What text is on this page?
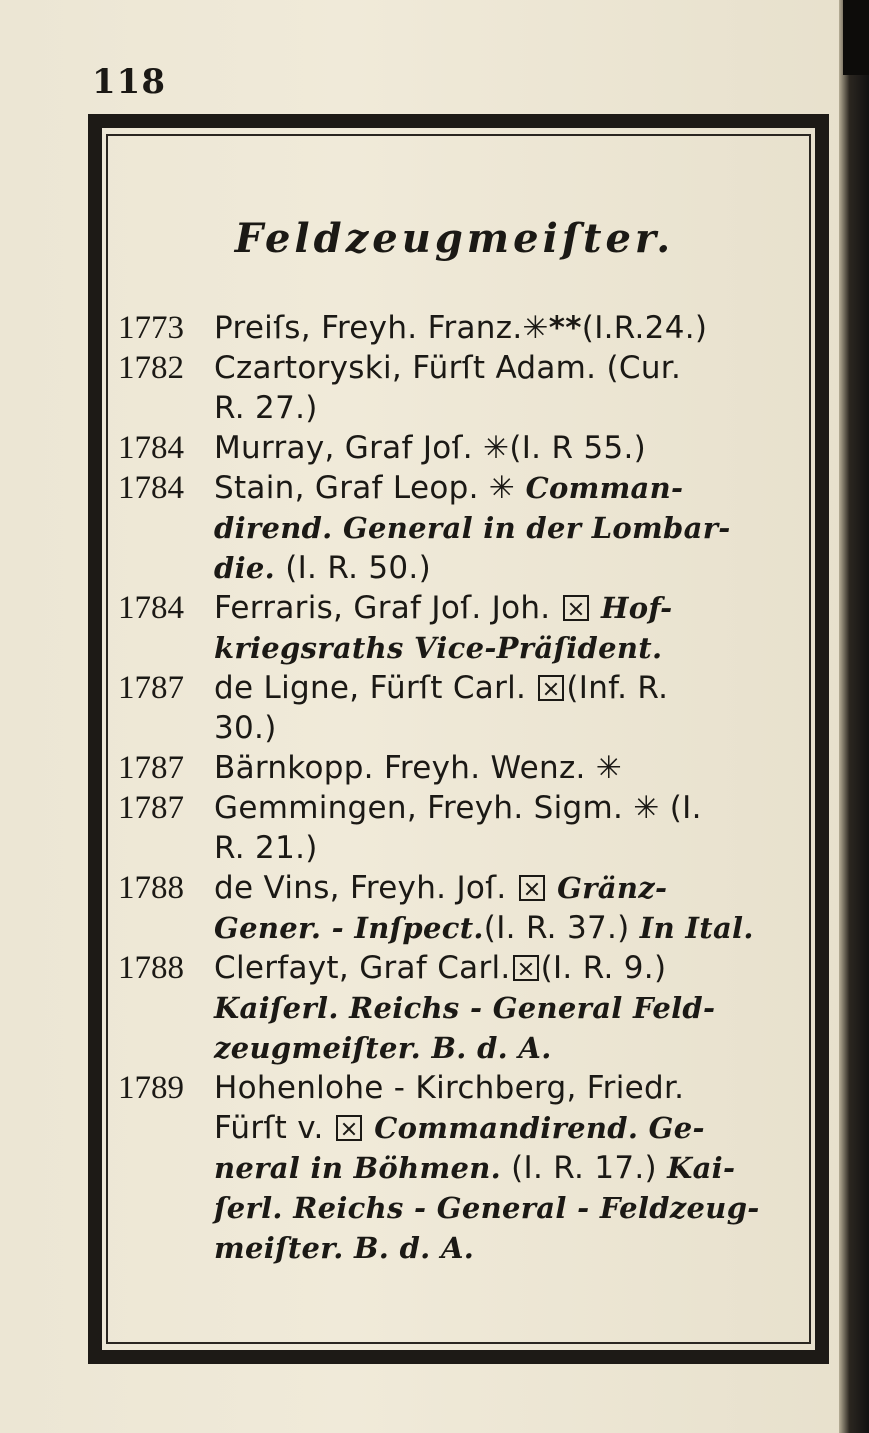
118
Feldzeugmeiſter.
1773 Preiſs, Freyh. Franz.✳**(I.R.24.)
1782 Czartoryski, Fürſt Adam. (Cur.
R. 27.)
1784 Murray, Graf Joſ. ✳(I. R 55.)
1784 Stain, Graf Leop. ✳ Comman-
dirend. General in der Lombar-
die. (I. R. 50.)
1784 Ferraris, Graf Joſ. Joh.  Hof-
kriegsraths Vice-Präſident.
1787 de Ligne, Fürſt Carl. (Inf. R.
30.)
1787 Bärnkopp. Freyh. Wenz. ✳
1787 Gemmingen, Freyh. Sigm. ✳ (I.
R. 21.)
1788 de Vins, Freyh. Joſ.  Gränz-
Gener. - Inſpect.(I. R. 37.) In Ital.
1788 Clerfayt, Graf Carl. (I. R. 9.)
Kaiſerl. Reichs - General Feld-
zeugmeiſter. B. d. A.
1789 Hohenlohe - Kirchberg, Friedr.
Fürſt v.  Commandirend. Ge-
neral in Böhmen. (I. R. 17.) Kai-
ſerl. Reichs - General - Feldzeug-
meiſter. B. d. A.
